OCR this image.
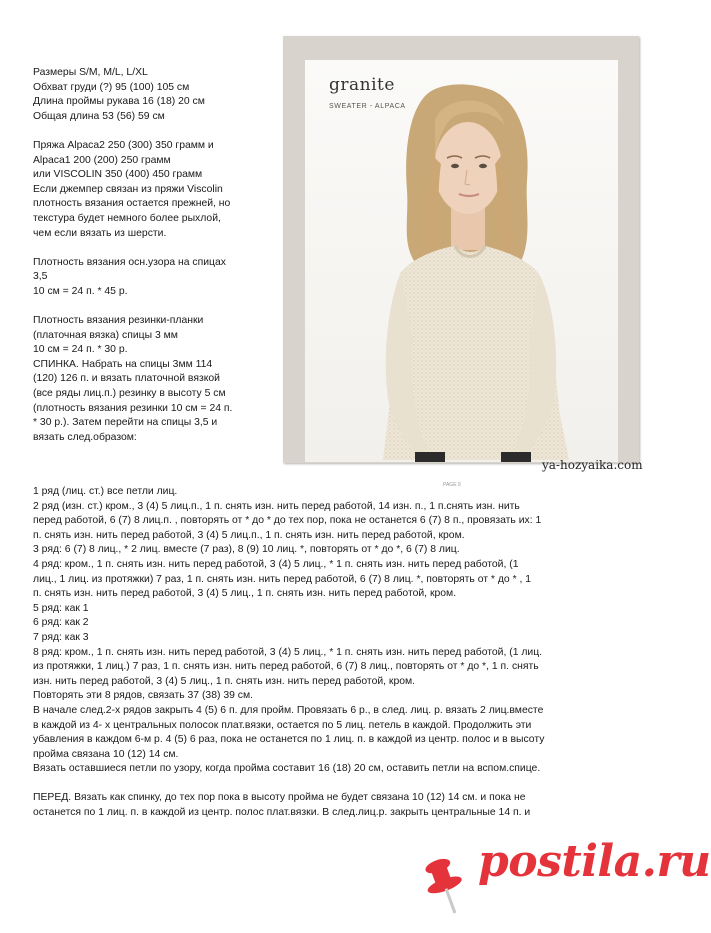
Размеры S/M, M/L, L/XL

Обхват груди (?) 95 (100) 105 см

Длина проймы рукава 16 (18) 20 см

Общая длина 53 (56) 59 см

Пряжа Alpaca2 250 (300) 350 грамм и

Alpaca1 200 (200) 250 грамм

или VISCOLIN 350 (400) 450 грамм

Если джемпер связан из пряжи Viscolin

плотность вязания остается прежней, но

текстура будет немного более рыхлой,

чем если вязать из шерсти.

Плотность вязания осн.узора на спицах

3,5

10 см = 24 п. * 45 р.

Плотность вязания резинки-планки

(платочная вязка) спицы 3 мм

10 см = 24 п. * 30 р.

СПИНКА. Набрать на спицы 3мм 114

(120) 126 п. и вязать платочной вязкой

(все ряды лиц.п.) резинку в высоту 5 см

(плотность вязания резинки 10 см = 24 п.

* 30 р.). Затем перейти на спицы 3,5 и

вязать след.образом:

granite
SWEATER - ALPACA
PAGE 9
ya-hozyaika.com

1 ряд (лиц. ст.) все петли лиц.

2 ряд (изн. ст.) кром., 3 (4) 5 лиц.п., 1 п. снять изн. нить перед работой, 14 изн. п., 1 п.снять изн. нить

перед работой, 6 (7) 8 лиц.п. , повторять от * до * до тех пор, пока не останется 6 (7) 8 п., провязать их: 1

п. снять изн. нить перед работой, 3 (4) 5 лиц.п., 1 п. снять изн. нить перед работой, кром.

3 ряд: 6 (7) 8 лиц., * 2 лиц. вместе (7 раз), 8 (9) 10 лиц. *, повторять от * до *, 6 (7) 8 лиц.

4 ряд: кром., 1 п. снять изн. нить перед работой, 3 (4) 5 лиц., * 1 п. снять изн. нить перед работой, (1

лиц., 1 лиц. из протяжки) 7 раз, 1 п. снять изн. нить перед работой, 6 (7) 8 лиц. *, повторять от * до * , 1

п. снять изн. нить перед работой, 3 (4) 5 лиц., 1 п. снять изн. нить перед работой, кром.

5 ряд: как 1

6 ряд: как 2

7 ряд: как 3

8 ряд: кром., 1 п. снять изн. нить перед работой, 3 (4) 5 лиц., * 1 п. снять изн. нить перед работой, (1 лиц.

из протяжки, 1 лиц.) 7 раз, 1 п. снять изн. нить перед работой, 6 (7) 8 лиц., повторять от * до *, 1 п. снять

изн. нить перед работой, 3 (4) 5 лиц., 1 п. снять изн. нить перед работой, кром.

Повторять эти 8 рядов, связать 37 (38) 39 см.

В начале след.2-х рядов закрыть 4 (5) 6 п. для пройм. Провязать 6 р., в след. лиц. р. вязать 2 лиц.вместе

в каждой из 4- х центральных полосок плат.вязки, остается по 5 лиц. петель в каждой. Продолжить эти

убавления в каждом 6-м р. 4 (5) 6 раз, пока не останется по 1 лиц. п. в каждой из центр. полос и в высоту

пройма связана 10 (12) 14 см.

Вязать оставшиеся петли по узору, когда пройма составит 16 (18) 20 см, оставить петли на вспом.спице.

ПЕРЕД. Вязать как спинку, до тех пор пока в высоту пройма не будет связана 10 (12) 14 см. и пока не

останется по 1 лиц. п. в каждой из центр. полос плат.вязки. В след.лиц.р. закрыть центральные 14 п. и

postila.ru
